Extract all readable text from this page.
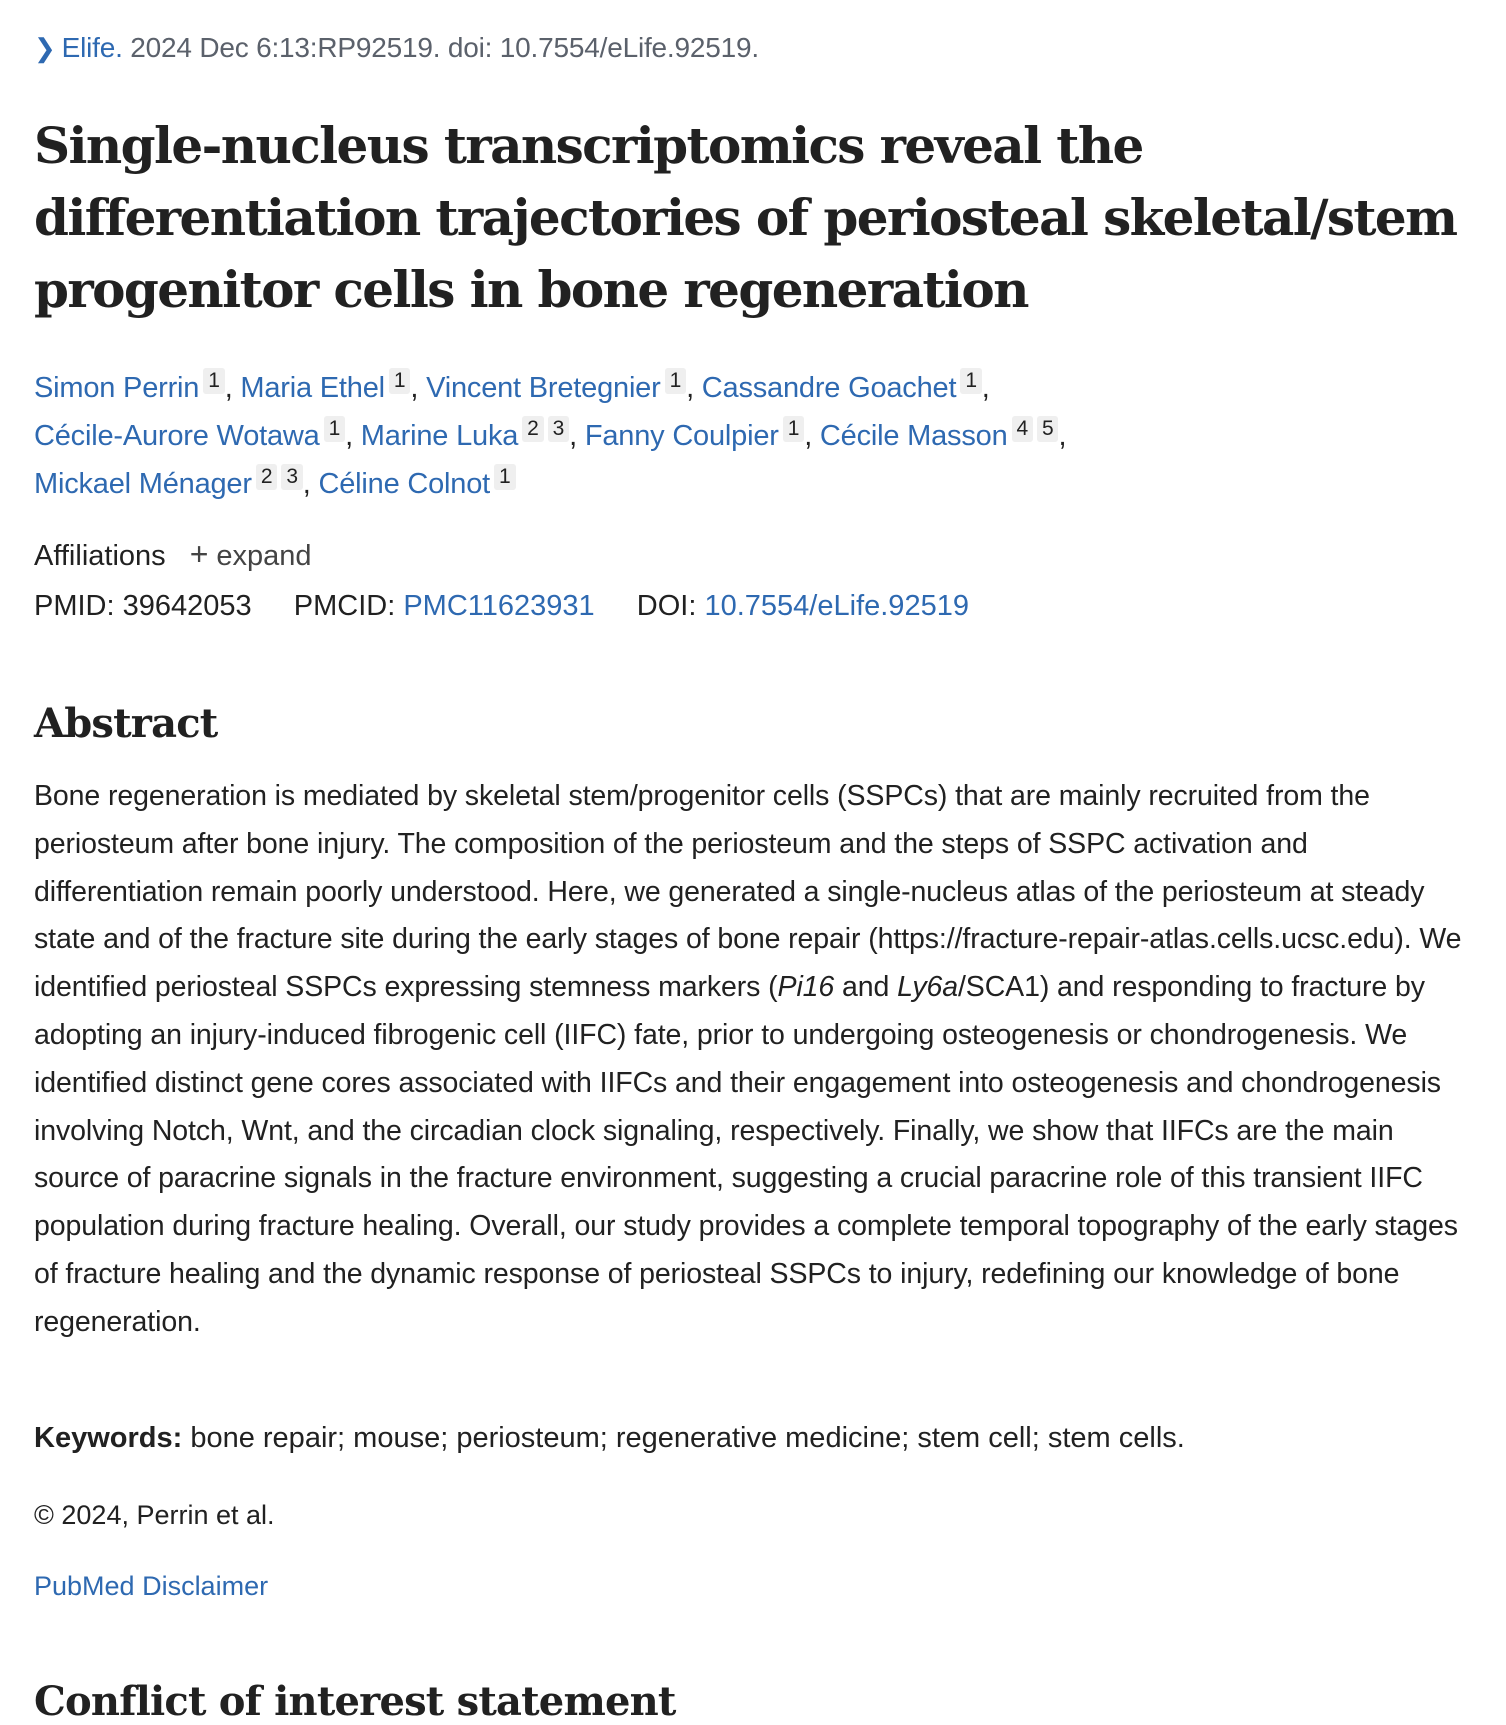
❯ Elife. 2024 Dec 6:13:RP92519. doi: 10.7554/eLife.92519.
Single-nucleus transcriptomics reveal the differentiation trajectories of periosteal skeletal/stem progenitor cells in bone regeneration
Simon Perrin 1 , Maria Ethel 1 , Vincent Bretegnier 1 , Cassandre Goachet 1 ,
Cécile-Aurore Wotawa 1 , Marine Luka 2 3 , Fanny Coulpier 1 , Cécile Masson 4 5 ,
Mickael Ménager 2 3 , Céline Colnot 1
Affiliations + expand
PMID: 39642053 PMCID: PMC11623931 DOI: 10.7554/eLife.92519
Abstract

Bone regeneration is mediated by skeletal stem/progenitor cells (SSPCs) that are mainly recruited from the periosteum after bone injury. The composition of the periosteum and the steps of SSPC activation and differentiation remain poorly understood. Here, we generated a single-nucleus atlas of the periosteum at steady state and of the fracture site during the early stages of bone repair (https://fracture-repair-atlas.cells.ucsc.edu). We identified periosteal SSPCs expressing stemness markers (Pi16 and Ly6a/SCA1) and responding to fracture by adopting an injury-induced fibrogenic cell (IIFC) fate, prior to undergoing osteogenesis or chondrogenesis. We identified distinct gene cores associated with IIFCs and their engagement into osteogenesis and chondrogenesis involving Notch, Wnt, and the circadian clock signaling, respectively. Finally, we show that IIFCs are the main source of paracrine signals in the fracture environment, suggesting a crucial paracrine role of this transient IIFC population during fracture healing. Overall, our study provides a complete temporal topography of the early stages of fracture healing and the dynamic response of periosteal SSPCs to injury, redefining our knowledge of bone regeneration.

Keywords: bone repair; mouse; periosteum; regenerative medicine; stem cell; stem cells.
© 2024, Perrin et al.
PubMed Disclaimer
Conflict of interest statement
